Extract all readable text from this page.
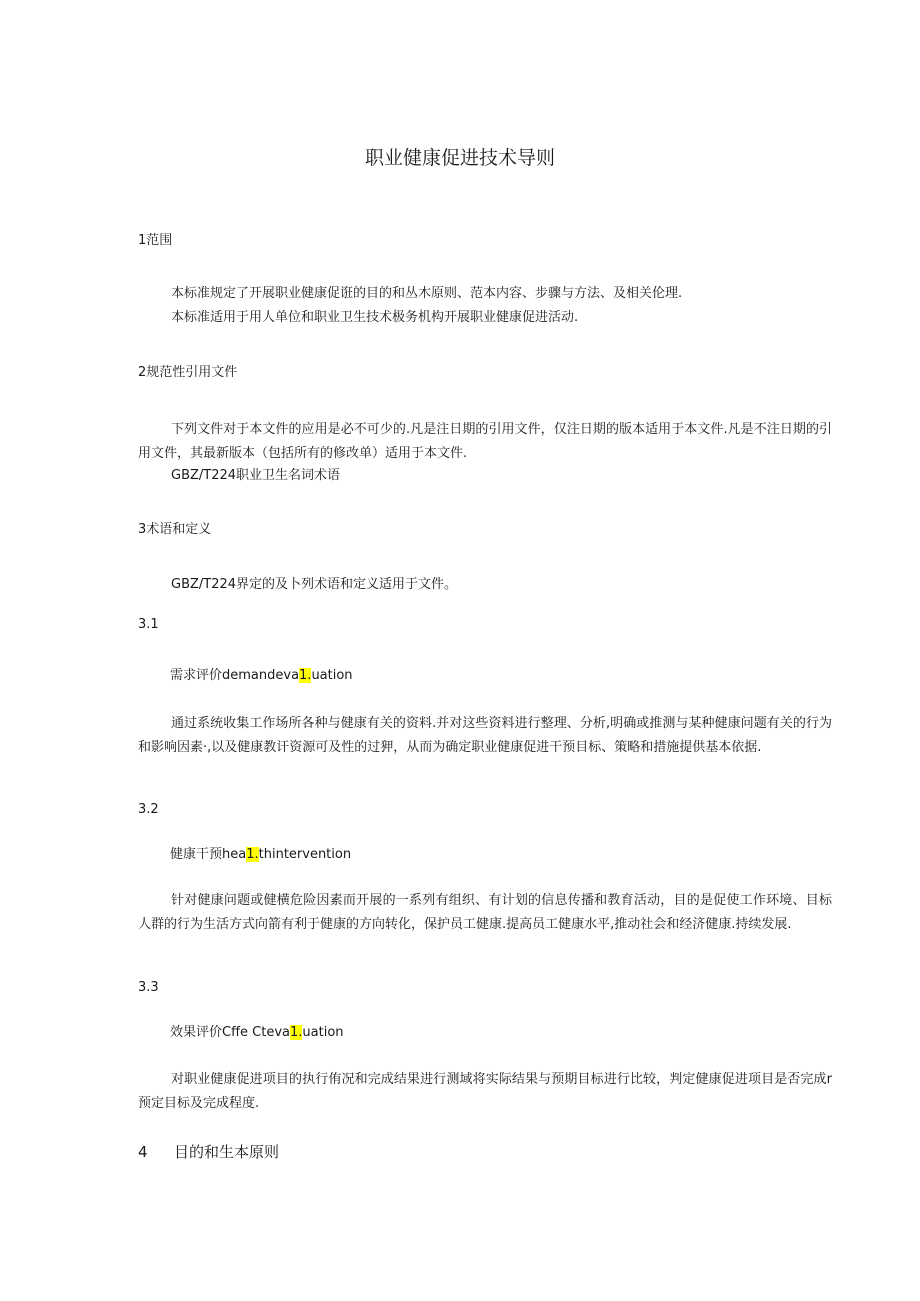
职业健康促进技术导则
1范围
本标准规定了开展职业健康促诳的目的和丛木原则、范本内容、步骤与方法、及相关伦理.
本标准适用于用人单位和职业卫生技术极务机构开展职业健康促进活动.
2规范性引用文件
下列文件对于本文件的应用是必不可少的.凡是注日期的引用文件，仅注日期的版本适用于本文件.凡是不注日期的引用文件，其最新版本（包括所有的修改单）适用于本文件.
GBZ/T224职业卫生名词术语
3术语和定义
GBZ/T224界定的及卜列术语和定义适用于文件。
3.1
需求评价demandeva1.uation
通过系统收集工作场所各种与健康有关的资料.并对这些资料进行整理、分析,明确或推测与某种健康问题有关的行为和影响因素·,以及健康教讦资源可及性的过狎，从而为确定职业健康促进干预目标、策略和措施提供基本依据.
3.2
健康干预hea1.thintervention
针对健康问题或健横危险因素而开展的一系列有组织、有计划的信息传播和教育活动，目的是促使工作环境、目标人群的行为生活方式向箭有利于健康的方向转化，保护员工健康.提高员工健康水平,推动社会和经济健康.持续发展.
3.3
效果评价Cffe Cteva1.uation
对职业健康促进项目的执行侑况和完成结果进行测域将实际结果与预期目标进行比较，判定健康促进项目是否完成r预定目标及完成程度.
4 目的和生本原则
